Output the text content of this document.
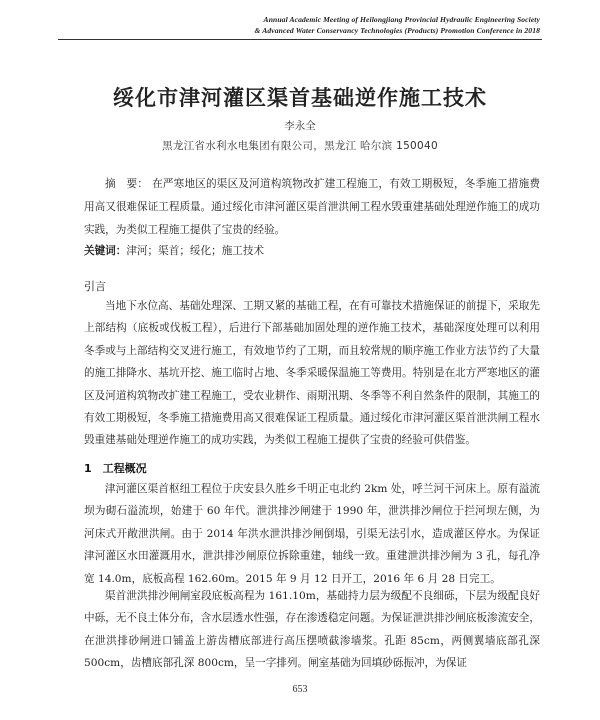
Annual Academic Meeting of Heilongjiang Provincial Hydraulic Engineering Society
& Advanced Water Conservancy Technologies (Products) Promotion Conference in 2018
绥化市津河灌区渠首基础逆作施工技术
李永全
黑龙江省水利水电集团有限公司，黑龙江 哈尔滨 150040
摘　要： 在严寒地区的渠区及河道构筑物改扩建工程施工，有效工期极短，冬季施工措施费用高又很难保证工程质量。通过绥化市津河灌区渠首泄洪闸工程水毁重建基础处理逆作施工的成功实践，为类似工程施工提供了宝贵的经验。
关键词：津河；渠首；绥化；施工技术
引言
当地下水位高、基础处理深、工期又紧的基础工程，在有可靠技术措施保证的前提下，采取先上部结构（底板或伐板工程），后进行下部基础加固处理的逆作施工技术，基础深度处理可以利用冬季或与上部结构交叉进行施工，有效地节约了工期，而且较常规的顺序施工作业方法节约了大量的施工排降水、基坑开挖、施工临时占地、冬季采暖保温施工等费用。特别是在北方严寒地区的灌区及河道构筑物改扩建工程施工，受农业耕作、雨期汛期、冬季等不利自然条件的限制，其施工的有效工期极短，冬季施工措施费用高又很难保证工程质量。通过绥化市津河灌区渠首泄洪闸工程水毁重建基础处理逆作施工的成功实践，为类似工程施工提供了宝贵的经验可供借鉴。
1　工程概况
津河灌区渠首枢纽工程位于庆安县久胜乡千明正屯北约 2km 处，呼兰河干河床上。原有溢流坝为砌石溢流坝，始建于 60 年代。泄洪排沙闸建于 1990 年，泄洪排沙闸位于拦河坝左侧，为河床式开敞泄洪闸。由于 2014 年洪水泄洪排沙闸倒塌，引渠无法引水，造成灌区停水。为保证津河灌区水田灌溉用水，泄洪排沙闸原位拆除重建，轴线一致。重建泄洪排沙闸为 3 孔，每孔净宽 14.0m，底板高程 162.60m。2015 年 9 月 12 日开工，2016 年 6 月 28 日完工。
渠首泄洪排沙闸闸室段底板高程为 161.10m，基础持力层为级配不良细砾，下层为级配良好中砾，无不良土体分布，含水层透水性强，存在渗透稳定问题。为保证泄洪排沙闸底板渗流安全，在泄洪排砂闸进口铺盖上游齿槽底部进行高压摆喷截渗墙浆。孔距 85cm，两侧翼墙底部孔深 500cm，齿槽底部孔深 800cm，呈一字排列。闸室基础为回填砂砾振冲，为保证
653
